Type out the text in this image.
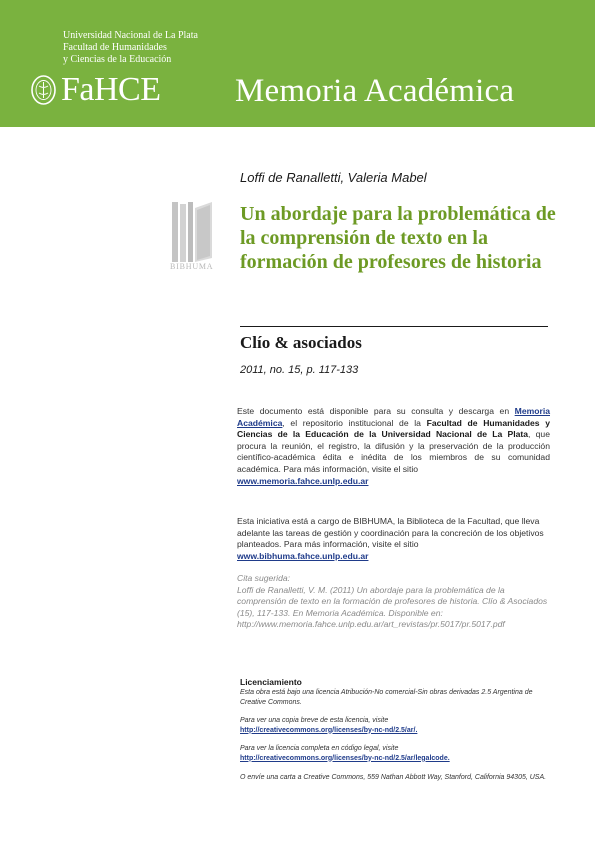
Universidad Nacional de La Plata
Facultad de Humanidades
y Ciencias de la Educación
FaHCE Memoria Académica
Loffi de Ranalletti, Valeria Mabel
BIBHUMA
Un abordaje para la problemática de la comprensión de texto en la formación de profesores de historia
Clío & asociados
2011, no. 15, p. 117-133
Este documento está disponible para su consulta y descarga en Memoria Académica, el repositorio institucional de la Facultad de Humanidades y Ciencias de la Educación de la Universidad Nacional de La Plata, que procura la reunión, el registro, la difusión y la preservación de la producción científico-académica édita e inédita de los miembros de su comunidad académica. Para más información, visite el sitio
www.memoria.fahce.unlp.edu.ar
Esta iniciativa está a cargo de BIBHUMA, la Biblioteca de la Facultad, que lleva adelante las tareas de gestión y coordinación para la concreción de los objetivos planteados. Para más información, visite el sitio
www.bibhuma.fahce.unlp.edu.ar
Cita sugerida:
Loffi de Ranalletti, V. M. (2011) Un abordaje para la problemática de la comprensión de texto en la formación de profesores de historia. Clío & Asociados (15), 117-133. En Memoria Académica. Disponible en: http://www.memoria.fahce.unlp.edu.ar/art_revistas/pr.5017/pr.5017.pdf
Licenciamiento
Esta obra está bajo una licencia Atribución-No comercial-Sin obras derivadas 2.5 Argentina de Creative Commons.
Para ver una copia breve de esta licencia, visite
http://creativecommons.org/licenses/by-nc-nd/2.5/ar/.
Para ver la licencia completa en código legal, visite
http://creativecommons.org/licenses/by-nc-nd/2.5/ar/legalcode.
O envíe una carta a Creative Commons, 559 Nathan Abbott Way, Stanford, California 94305, USA.
